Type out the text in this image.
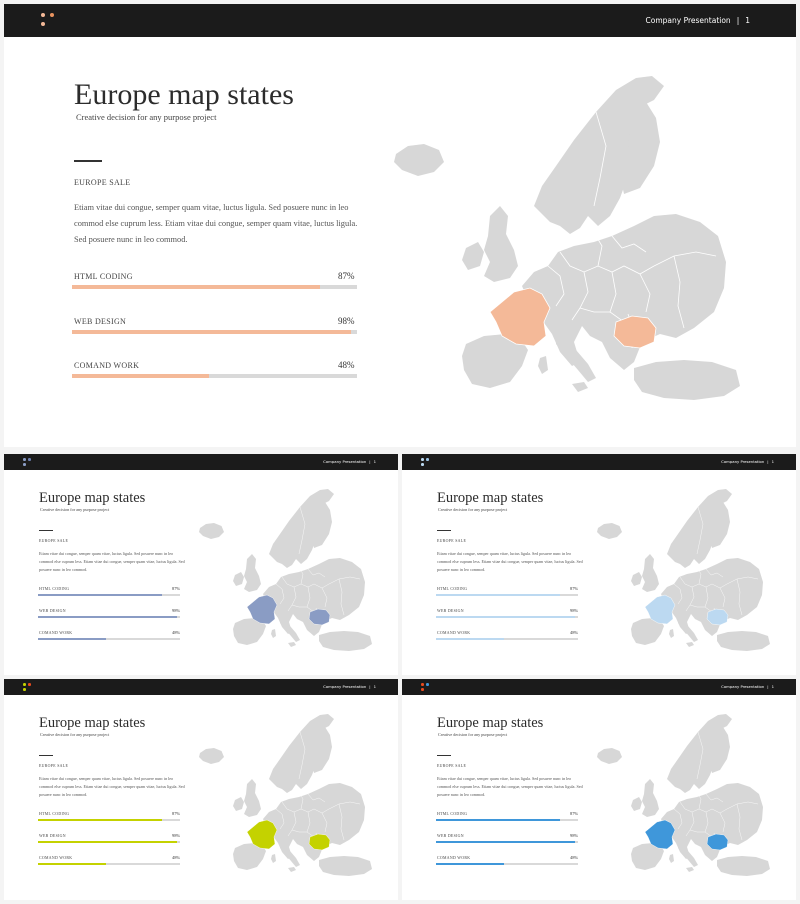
Company Presentation | 1
Europe map states
Creative decision for any purpose project
EUROPE SALE
Etiam vitae dui congue, semper quam vitae, luctus ligula. Sed posuere nunc in leo commod else cuprum less. Etiam vitae dui congue, semper quam vitae, luctus ligula. Sed posuere nunc in leo commod.
HTML CODING	87%
WEB DESIGN	98%
COMAND WORK	48%
Company Presentation | 1
Europe map states
Creative decision for any purpose project
EUROPE SALE
Etiam vitae dui congue, semper quam vitae, luctus ligula. Sed posuere nunc in leo commod else cuprum less. Etiam vitae dui congue, semper quam vitae, luctus ligula. Sed posuere nunc in leo commod.
HTML CODING	87%
WEB DESIGN	98%
COMAND WORK	48%
Company Presentation | 1
Europe map states
Creative decision for any purpose project
EUROPE SALE
Etiam vitae dui congue, semper quam vitae, luctus ligula. Sed posuere nunc in leo commod else cuprum less. Etiam vitae dui congue, semper quam vitae, luctus ligula. Sed posuere nunc in leo commod.
HTML CODING	87%
WEB DESIGN	98%
COMAND WORK	48%
Company Presentation | 1
Europe map states
Creative decision for any purpose project
EUROPE SALE
Etiam vitae dui congue, semper quam vitae, luctus ligula. Sed posuere nunc in leo commod else cuprum less. Etiam vitae dui congue, semper quam vitae, luctus ligula. Sed posuere nunc in leo commod.
HTML CODING	87%
WEB DESIGN	98%
COMAND WORK	48%
Company Presentation | 1
Europe map states
Creative decision for any purpose project
EUROPE SALE
Etiam vitae dui congue, semper quam vitae, luctus ligula. Sed posuere nunc in leo commod else cuprum less. Etiam vitae dui congue, semper quam vitae, luctus ligula. Sed posuere nunc in leo commod.
HTML CODING	87%
WEB DESIGN	98%
COMAND WORK	48%
